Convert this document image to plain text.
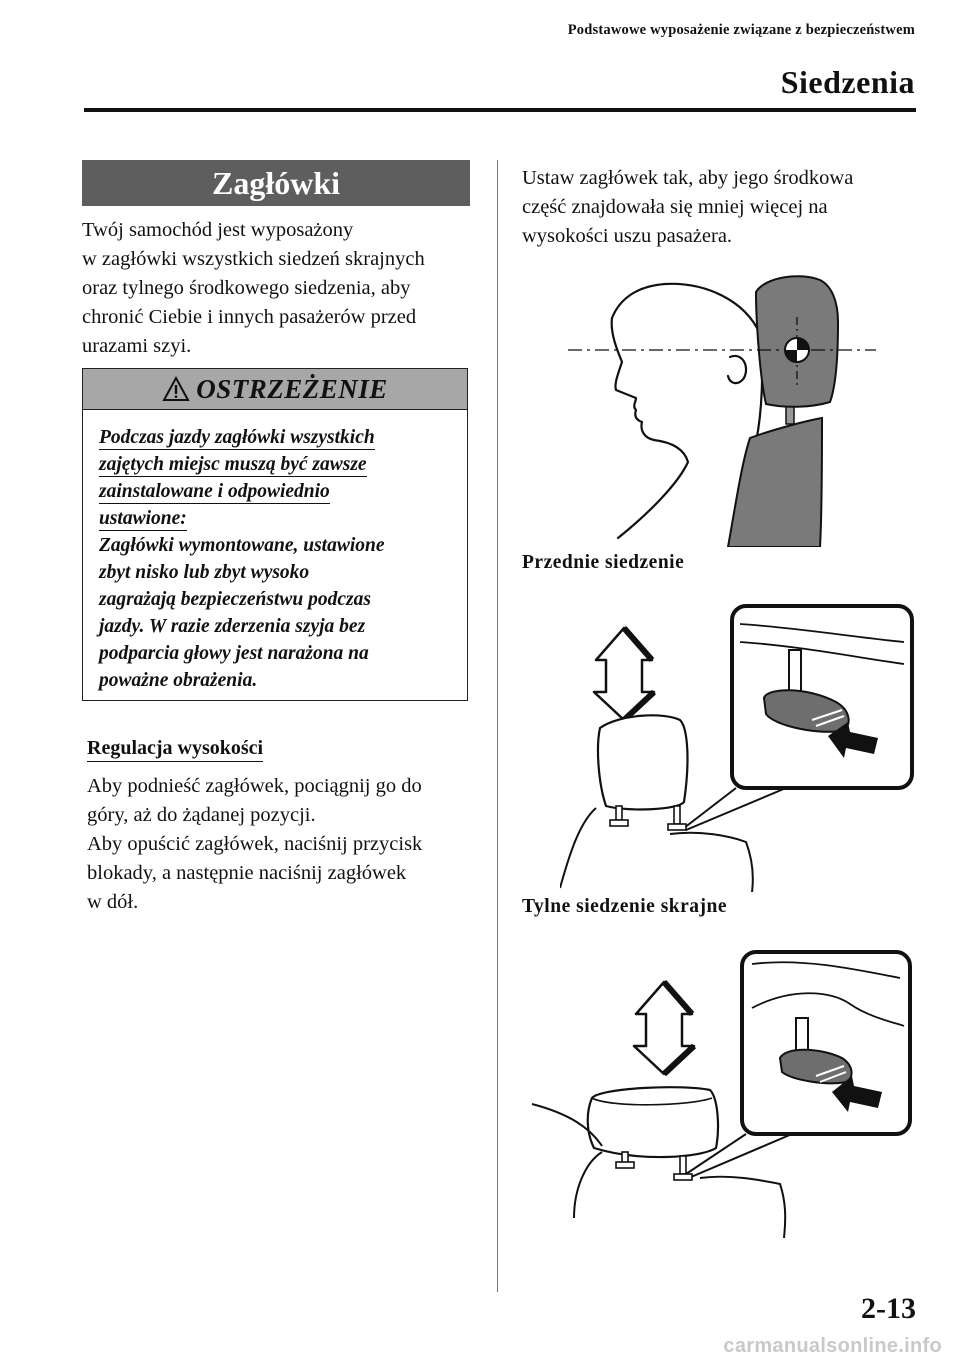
Podstawowe wyposażenie związane z bezpieczeństwem
Siedzenia
Zagłówki
Twój samochód jest wyposażony
w zagłówki wszystkich siedzeń skrajnych
oraz tylnego środkowego siedzenia, aby
chronić Ciebie i innych pasażerów przed
urazami szyi.
OSTRZEŻENIE
Podczas jazdy zagłówki wszystkich
zajętych miejsc muszą być zawsze
zainstalowane i odpowiednio
ustawione:
Zagłówki wymontowane, ustawione
zbyt nisko lub zbyt wysoko
zagrażają bezpieczeństwu podczas
jazdy. W razie zderzenia szyja bez
podparcia głowy jest narażona na
poważne obrażenia.
Regulacja wysokości
Aby podnieść zagłówek, pociągnij go do
góry, aż do żądanej pozycji.
Aby opuścić zagłówek, naciśnij przycisk
blokady, a następnie naciśnij zagłówek
w dół.
Ustaw zagłówek tak, aby jego środkowa
część znajdowała się mniej więcej na
wysokości uszu pasażera.
Przednie siedzenie
Tylne siedzenie skrajne
2-13
carmanualsonline.info
